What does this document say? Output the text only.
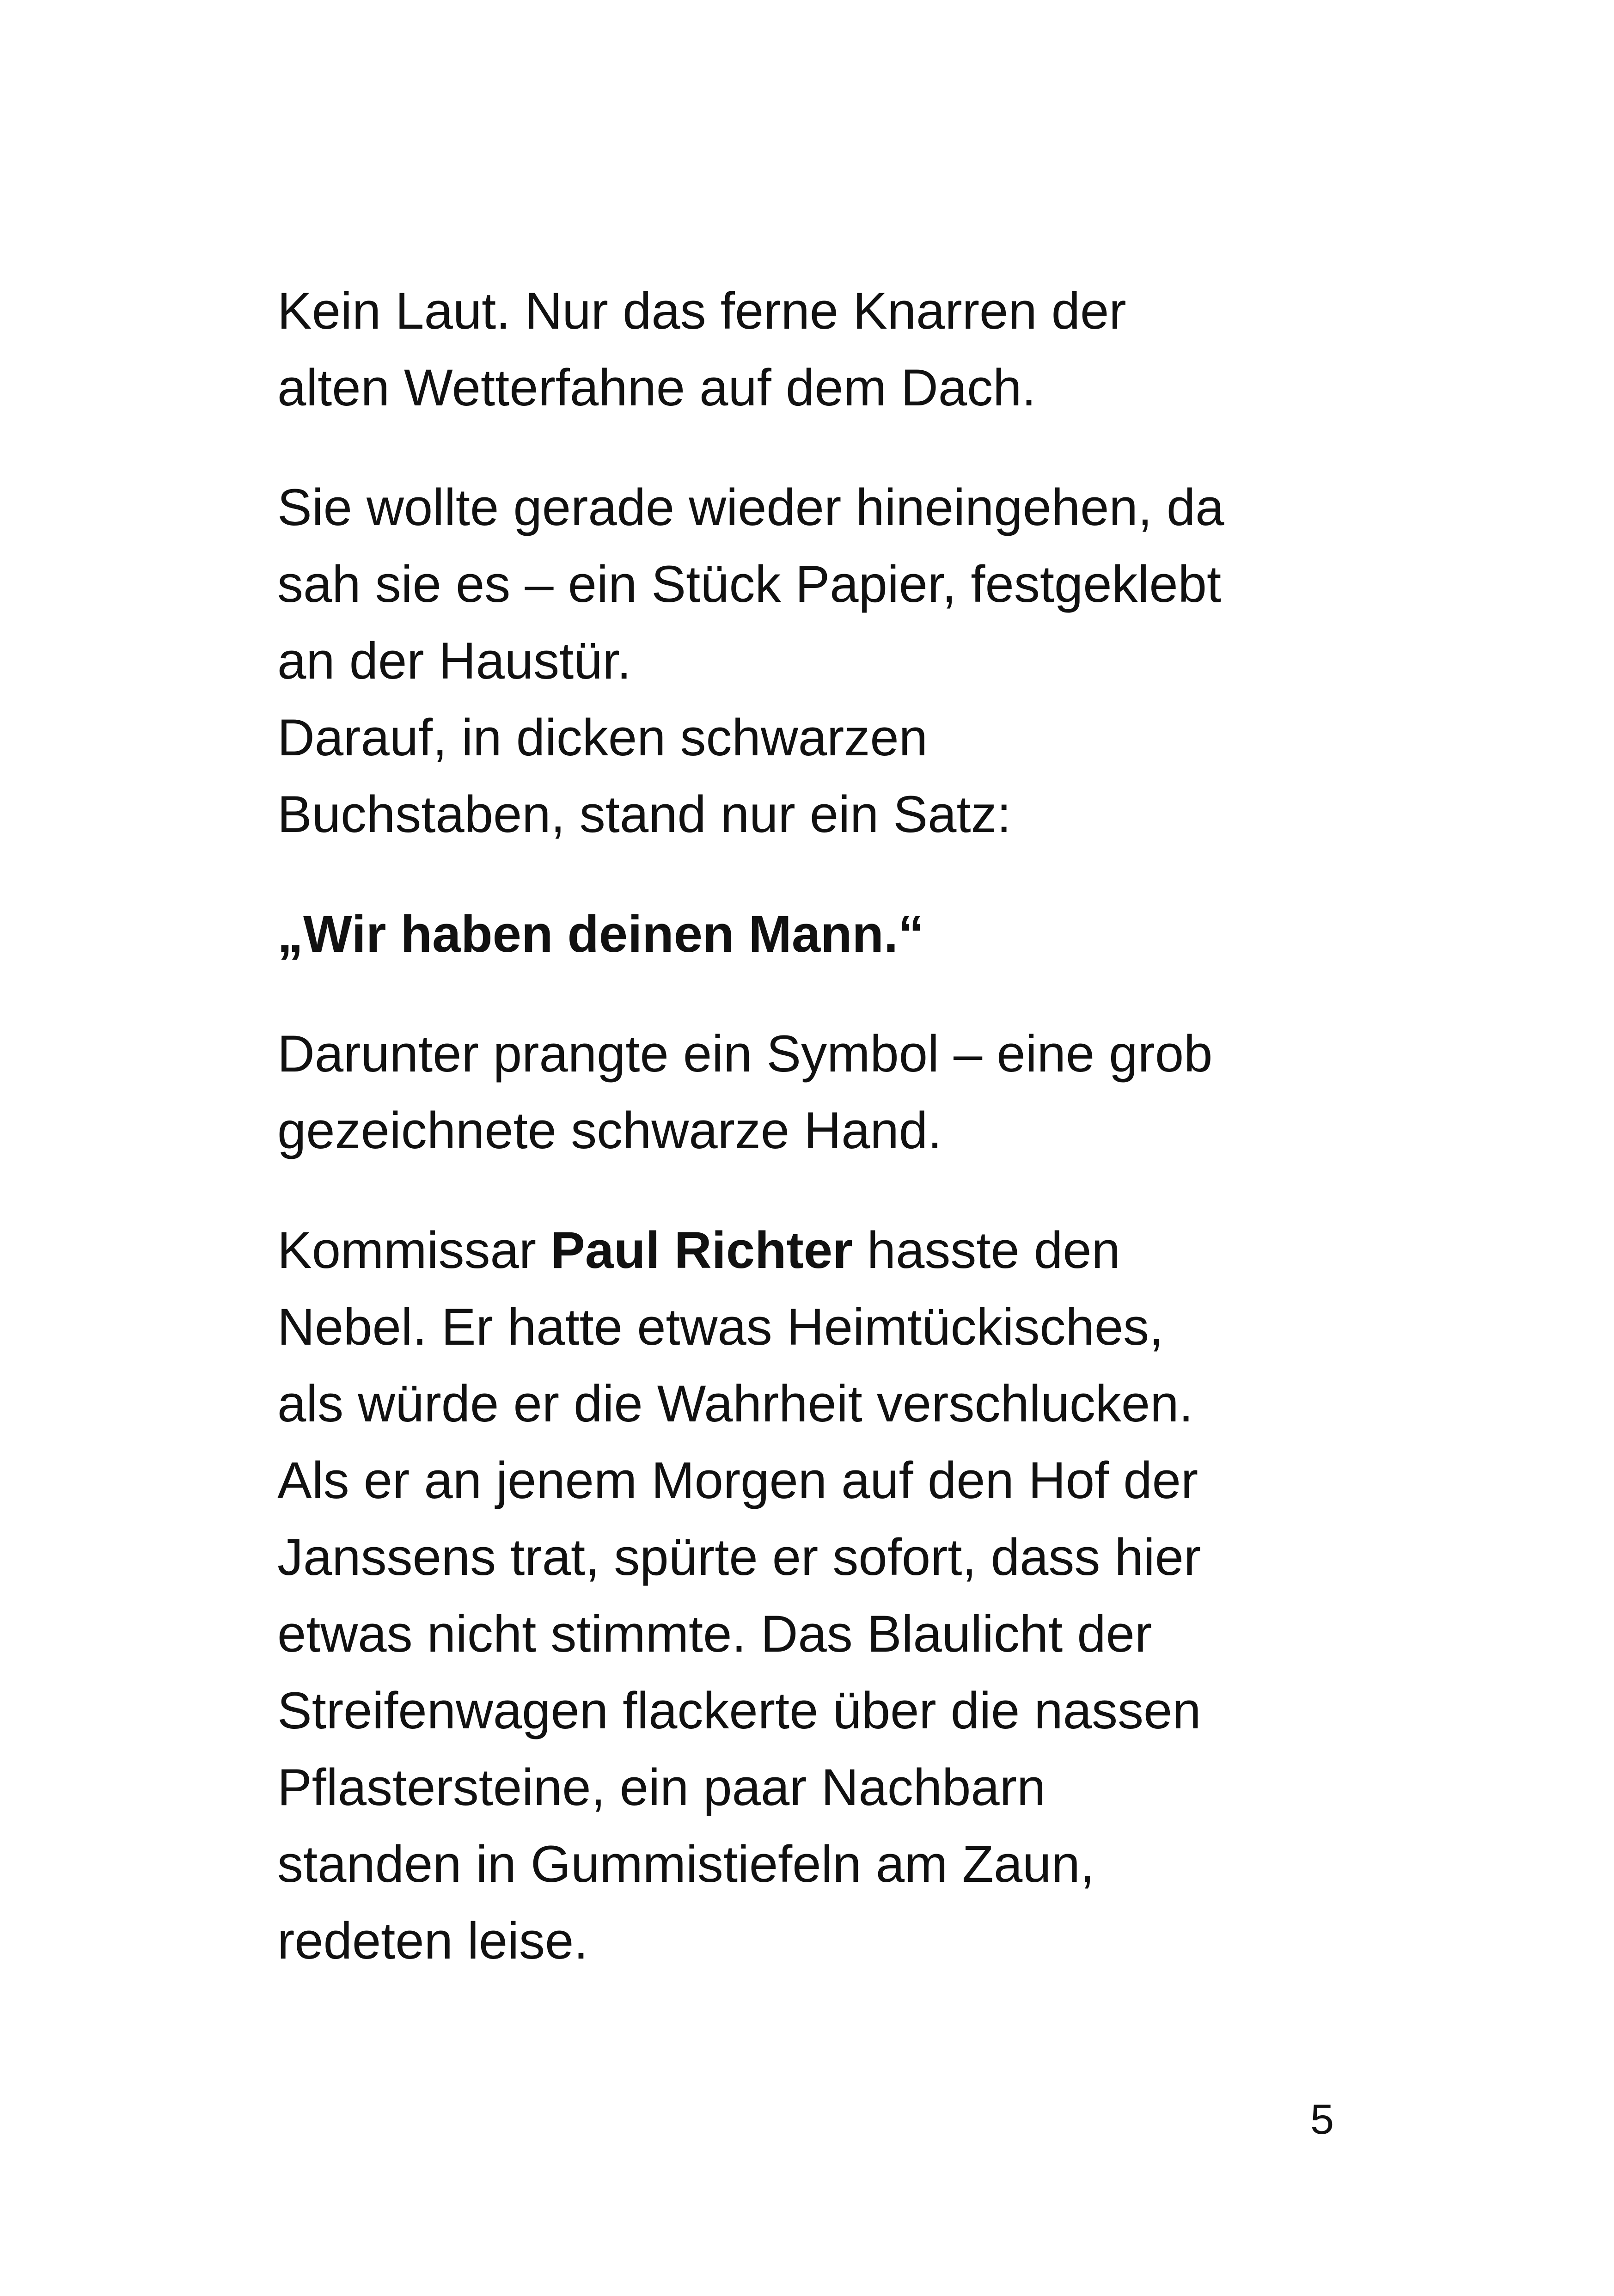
Kein Laut. Nur das ferne Knarren der
alten Wetterfahne auf dem Dach.

Sie wollte gerade wieder hineingehen, da
sah sie es – ein Stück Papier, festgeklebt
an der Haustür.
Darauf, in dicken schwarzen
Buchstaben, stand nur ein Satz:

„Wir haben deinen Mann.“

Darunter prangte ein Symbol – eine grob
gezeichnete schwarze Hand.

Kommissar Paul Richter hasste den
Nebel. Er hatte etwas Heimtückisches,
als würde er die Wahrheit verschlucken.
Als er an jenem Morgen auf den Hof der
Janssens trat, spürte er sofort, dass hier
etwas nicht stimmte. Das Blaulicht der
Streifenwagen flackerte über die nassen
Pflastersteine, ein paar Nachbarn
standen in Gummistiefeln am Zaun,
redeten leise.

5
